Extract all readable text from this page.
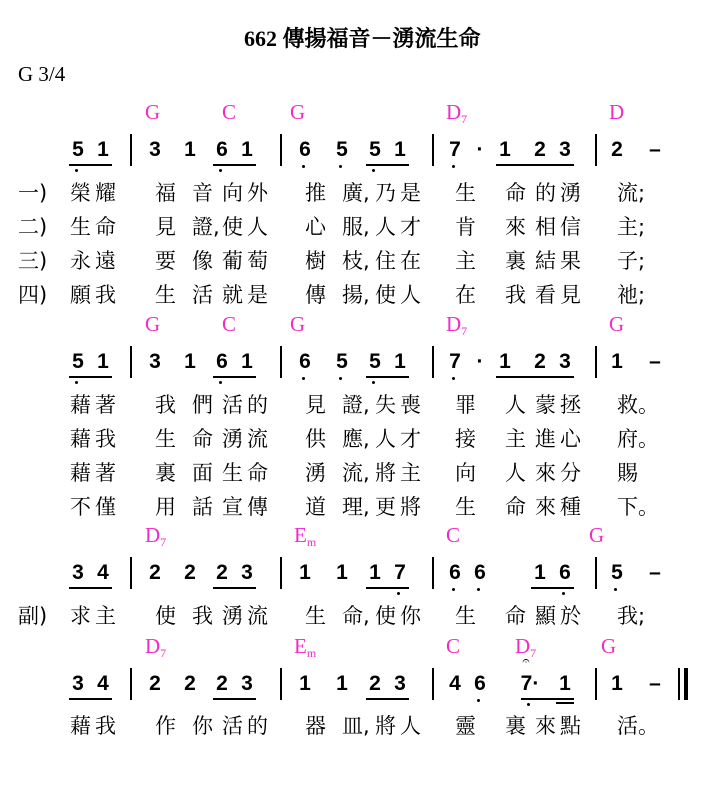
662 傳揚福音－湧流生命
G 3/4
G	C	G	$D_7$	D
5 1 3 1 6 1 6 5 5 1 7 · 1 2 3 2 –
一) 榮 耀 福 音 向 外 推 廣, 乃 是 生 命 的 湧 流;
二) 生 命 見 證, 使 人 心 服, 人 才 肯 來 相 信 主;
三) 永 遠 要 像 葡 萄 樹 枝, 住 在 主 裏 結 果 子;
四) 願 我 生 活 就 是 傳 揚, 使 人 在 我 看 見 祂;
G	C	G	$D_7$	G
5 1 3 1 6 1 6 5 5 1 7 · 1 2 3 1 –
藉 著 我 們 活 的 見 證, 失 喪 罪 人 蒙 拯 救。
藉 我 生 命 湧 流 供 應, 人 才 接 主 進 心 府。
藉 著 裏 面 生 命 湧 流, 將 主 向 人 來 分 賜
不 僅 用 話 宣 傳 道 理, 更 將 生 命 來 種 下。
$D_7$	$E_m$	C	G
3 4 2 2 2 3 1 1 1 7 6 6 1 6 5 –
副) 求 主 使 我 湧 流 生 命, 使 你 生 命 顯 於 我;
$D_7$	$E_m$	C	$D_7$	G
3 4 2 2 2 3 1 1 2 3 4 6 7·
𝄐
1 1 –
藉 我 作 你 活 的 器 皿, 將 人 靈 裏 來 點 活。
